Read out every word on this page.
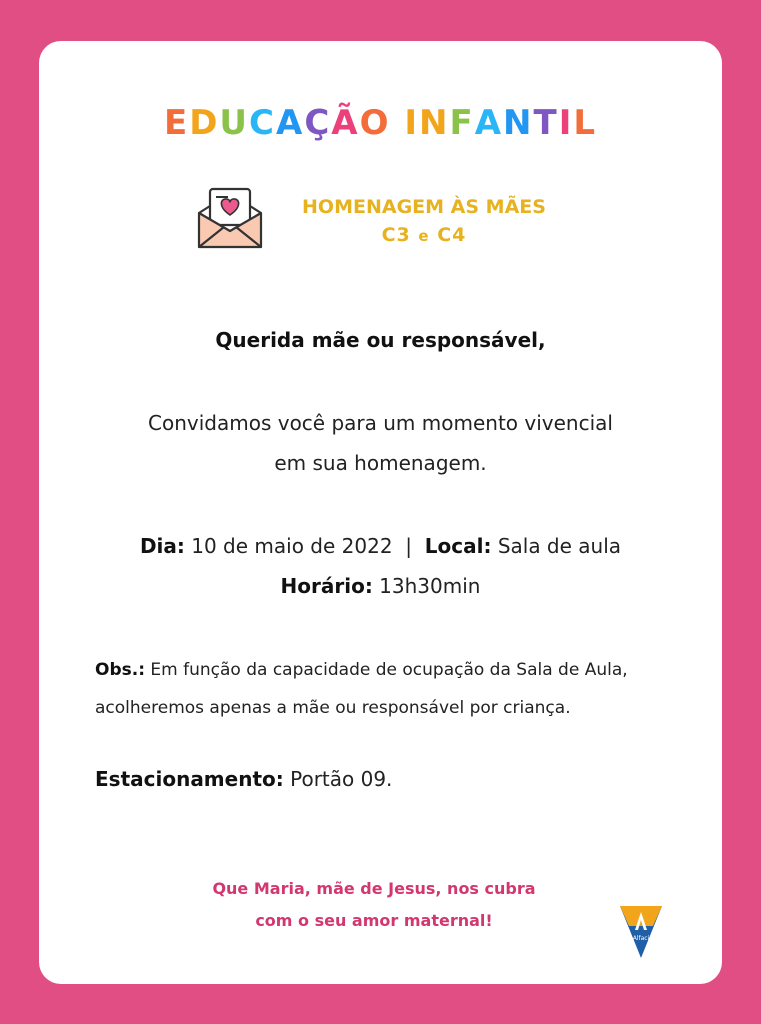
EDUCAÇÃO INFANTIL
HOMENAGEM ÀS MÃES
C3 e C4
Querida mãe ou responsável,
Convidamos você para um momento vivencial
em sua homenagem.
Dia: 10 de maio de 2022 | Local: Sala de aula
Horário: 13h30min
Obs.: Em função da capacidade de ocupação da Sala de Aula,
acolheremos apenas a mãe ou responsável por criança.
Estacionamento: Portão 09.
Que Maria, mãe de Jesus, nos cubra
com o seu amor maternal!
Alfaci
